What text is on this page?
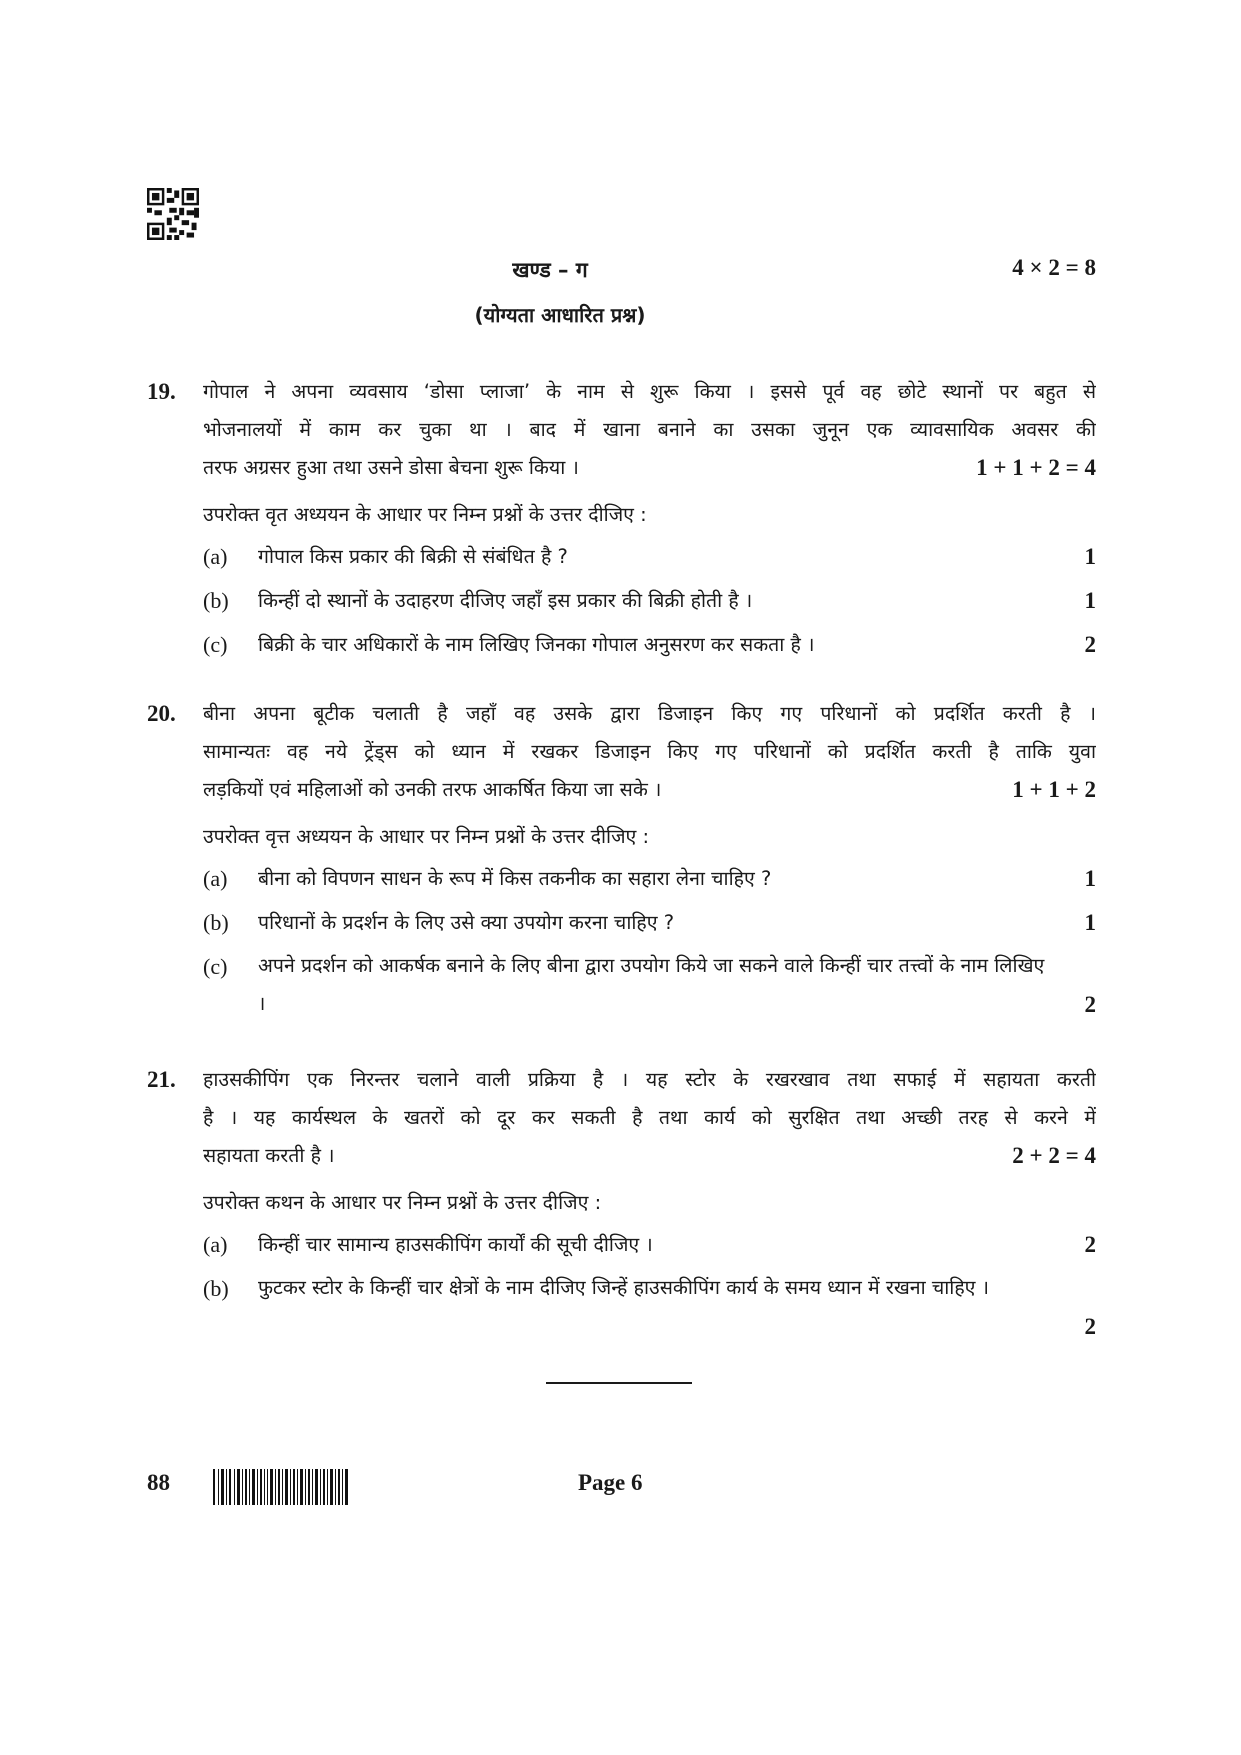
खण्ड – ग	4 × 2 = 8
(योग्यता आधारित प्रश्न)
19. गोपाल ने अपना व्यवसाय ‘डोसा प्लाजा’ के नाम से शुरू किया । इससे पूर्व वह छोटे स्थानों पर बहुत से
भोजनालयों में काम कर चुका था । बाद में खाना बनाने का उसका जुनून एक व्यावसायिक अवसर की
तरफ अग्रसर हुआ तथा उसने डोसा बेचना शुरू किया ।	1 + 1 + 2 = 4
उपरोक्त वृत अध्ययन के आधार पर निम्न प्रश्नों के उत्तर दीजिए :
(a) गोपाल किस प्रकार की बिक्री से संबंधित है ?	1
(b) किन्हीं दो स्थानों के उदाहरण दीजिए जहाँ इस प्रकार की बिक्री होती है ।	1
(c) बिक्री के चार अधिकारों के नाम लिखिए जिनका गोपाल अनुसरण कर सकता है ।	2
20. बीना अपना बूटीक चलाती है जहाँ वह उसके द्वारा डिजाइन किए गए परिधानों को प्रदर्शित करती है ।
सामान्यतः वह नये ट्रेंड्स को ध्यान में रखकर डिजाइन किए गए परिधानों को प्रदर्शित करती है ताकि युवा
लड़कियों एवं महिलाओं को उनकी तरफ आकर्षित किया जा सके ।	1 + 1 + 2
उपरोक्त वृत्त अध्ययन के आधार पर निम्न प्रश्नों के उत्तर दीजिए :
(a) बीना को विपणन साधन के रूप में किस तकनीक का सहारा लेना चाहिए ?	1
(b) परिधानों के प्रदर्शन के लिए उसे क्या उपयोग करना चाहिए ?	1
(c) अपने प्रदर्शन को आकर्षक बनाने के लिए बीना द्वारा उपयोग किये जा सकने वाले किन्हीं चार तत्त्वों के नाम लिखिए ।	2
21. हाउसकीपिंग एक निरन्तर चलाने वाली प्रक्रिया है । यह स्टोर के रखरखाव तथा सफाई में सहायता करती
है । यह कार्यस्थल के खतरों को दूर कर सकती है तथा कार्य को सुरक्षित तथा अच्छी तरह से करने में
सहायता करती है ।	2 + 2 = 4
उपरोक्त कथन के आधार पर निम्न प्रश्नों के उत्तर दीजिए :
(a) किन्हीं चार सामान्य हाउसकीपिंग कार्यों की सूची दीजिए ।	2
(b) फुटकर स्टोर के किन्हीं चार क्षेत्रों के नाम दीजिए जिन्हें हाउसकीपिंग कार्य के समय ध्यान में रखना चाहिए ।
2
88	Page 6
